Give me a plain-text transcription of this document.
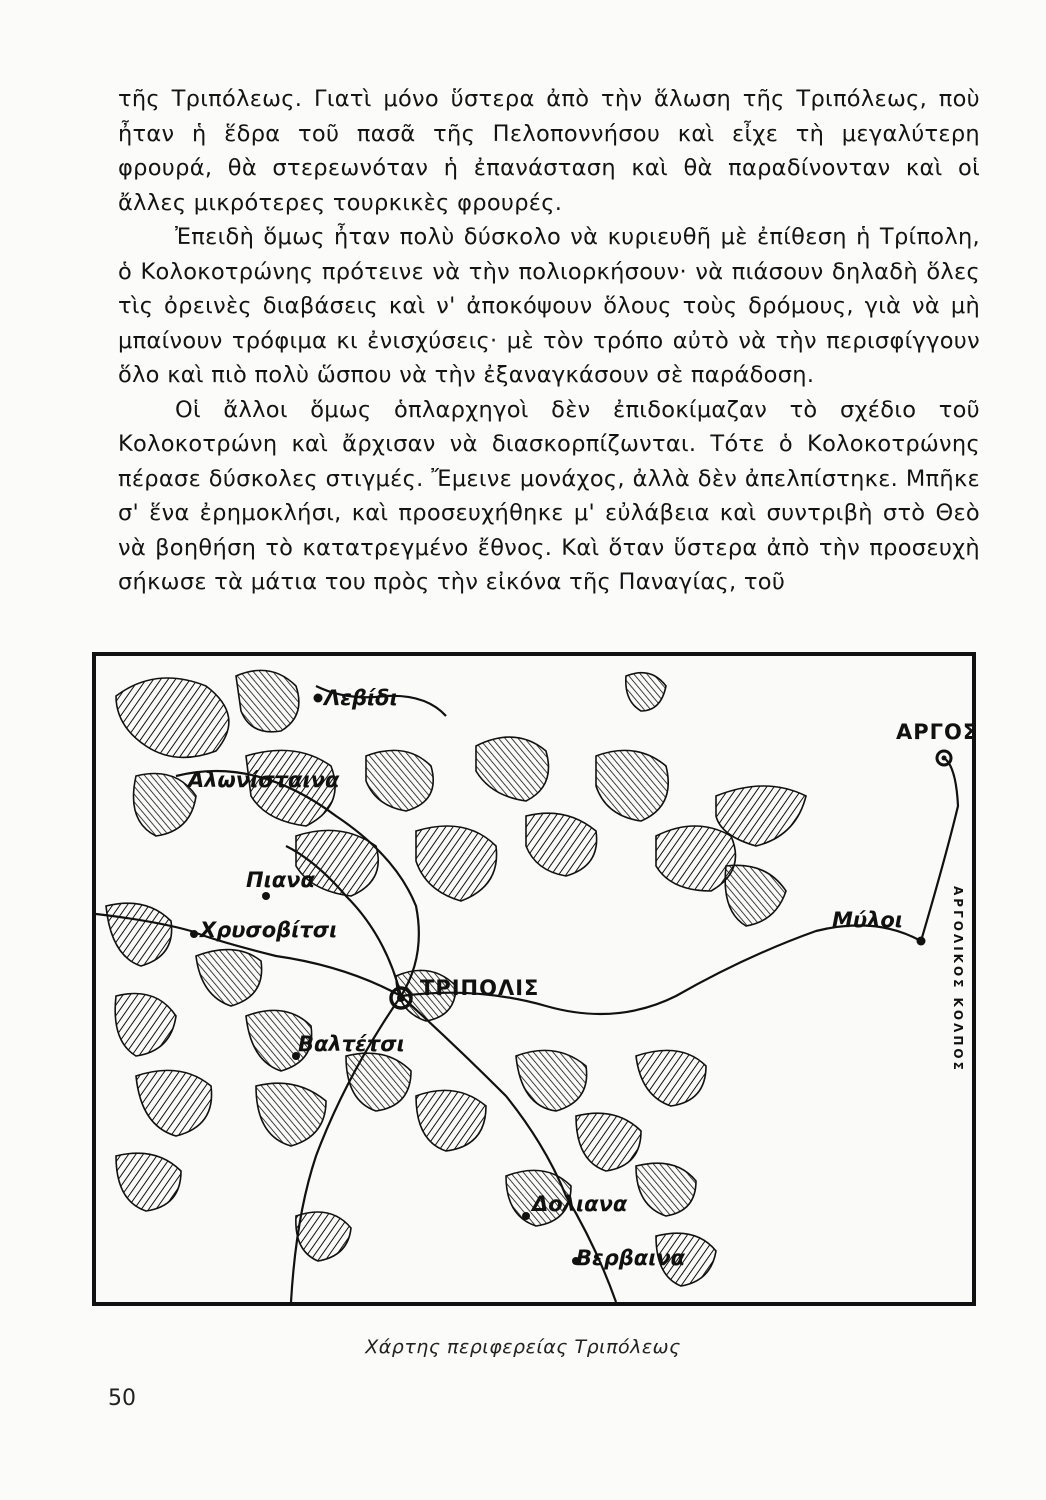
τῆς Τριπόλεως. Γιατὶ μόνο ὕστερα ἀπὸ τὴν ἅλωση τῆς Τριπόλεως, ποὺ ἦταν ἡ ἕδρα τοῦ πασᾶ τῆς Πελοποννήσου καὶ εἶχε τὴ μεγαλύτερη φρουρά, θὰ στερεωνόταν ἡ ἐπανάσταση καὶ θὰ παραδίνονταν καὶ οἱ ἄλλες μικρότερες τουρκικὲς φρουρές.

Ἐπειδὴ ὅμως ἦταν πολὺ δύσκολο νὰ κυριευθῆ μὲ ἐπίθεση ἡ Τρίπολη, ὁ Κολοκοτρώνης πρότεινε νὰ τὴν πολιορκήσουν· νὰ πιάσουν δηλαδὴ ὅλες τὶς ὀρεινὲς διαβάσεις καὶ ν' ἀποκόψουν ὅλους τοὺς δρόμους, γιὰ νὰ μὴ μπαίνουν τρόφιμα κι ἐνισχύσεις· μὲ τὸν τρόπο αὐτὸ νὰ τὴν περισφίγγουν ὅλο καὶ πιὸ πολὺ ὥσπου νὰ τὴν ἐξαναγκάσουν σὲ παράδοση.

Οἱ ἄλλοι ὅμως ὁπλαρχηγοὶ δὲν ἐπιδοκίμαζαν τὸ σχέδιο τοῦ Κολοκοτρώνη καὶ ἄρχισαν νὰ διασκορπίζωνται. Τότε ὁ Κολοκοτρώνης πέρασε δύσκολες στιγμές. Ἔμεινε μονάχος, ἀλλὰ δὲν ἀπελπίστηκε. Μπῆκε σ' ἕνα ἐρημοκλήσι, καὶ προσευχήθηκε μ' εὐλάβεια καὶ συντριβὴ στὸ Θεὸ νὰ βοηθήση τὸ κατατρεγμένο ἔθνος. Καὶ ὅταν ὕστερα ἀπὸ τὴν προσευχὴ σήκωσε τὰ μάτια του πρὸς τὴν εἰκόνα τῆς Παναγίας, τοῦ

Λεβίδι
Αλωνίσταινα
Πιανα
Χρυσοβίτσι
ΤΡΙΠΟΛΙΣ
Βαλτέτσι
ΑΡΓΟΣ
Μύλοι
Δολιανα
Βερβαινα
ΑΡΓΟΛΙΚΟΣ ΚΟΛΠΟΣ
Χάρτης περιφερείας Τριπόλεως
50
